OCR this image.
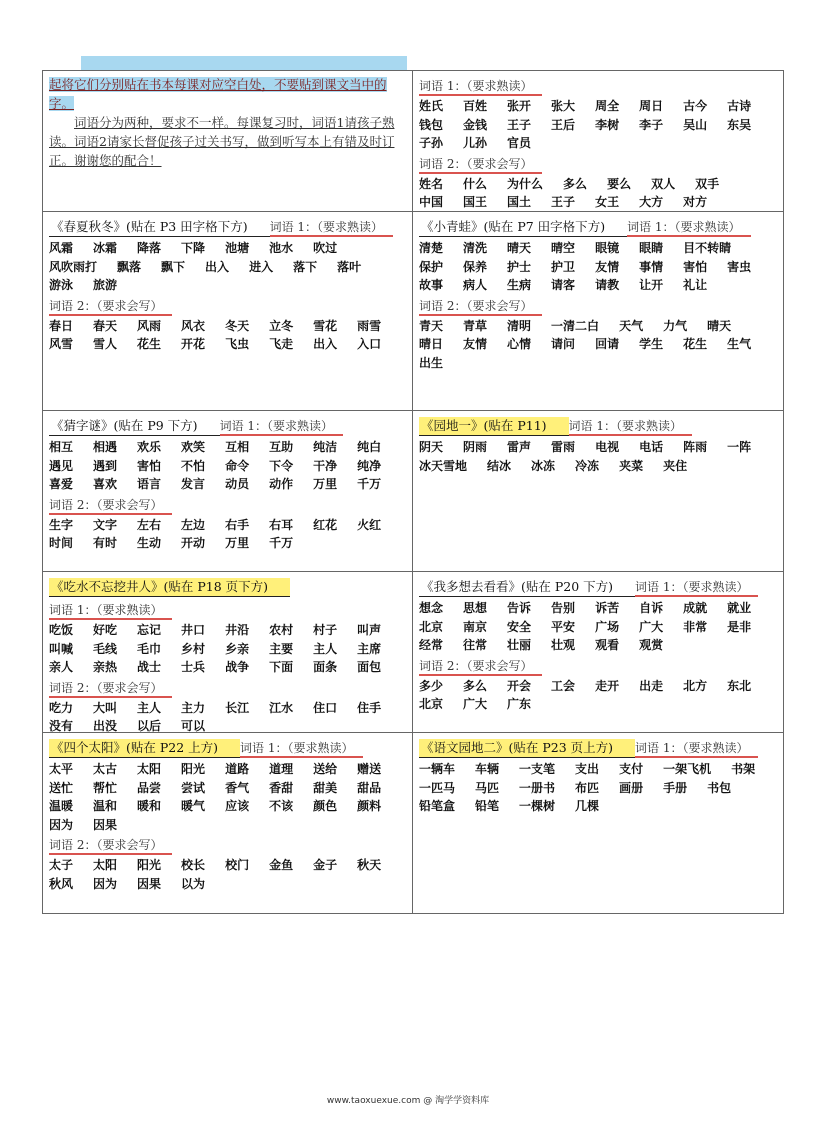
起将它们分别贴在书本每课对应空白处，不要贴到课文当中的字。

词语分为两种，要求不一样。每课复习时，词语1请孩子熟读。词语2请家长督促孩子过关书写，做到听写本上有错及时订正。谢谢您的配合！

词语 1：（要求熟读）
姓氏 百姓 张开 张大 周全 周日 古今 古诗
钱包 金钱 王子 王后 李树 李子 吴山 东吴
子孙 儿孙 官员
词语 2：（要求会写）
姓名 什么 为什么 多么 要么 双人 双手
中国 国王 国土 王子 女王 大方 对方
《春夏秋冬》(贴在 P3 田字格下方) 词语 1：（要求熟读）
风霜 冰霜 降落 下降 池塘 池水 吹过
风吹雨打 飘落 飘下 出入 进入 落下 落叶
游泳 旅游
词语 2：（要求会写）
春日 春天 风雨 风衣 冬天 立冬 雪花 雨雪
风雪 雪人 花生 开花 飞虫 飞走 出入 入口
《小青蛙》(贴在 P7 田字格下方) 词语 1：（要求熟读）
清楚 清洗 晴天 晴空 眼镜 眼睛 目不转睛
保护 保养 护士 护卫 友情 事情 害怕 害虫
故事 病人 生病 请客 请教 让开 礼让
词语 2：（要求会写）
青天 青草 清明 一清二白 天气 力气 晴天
晴日 友情 心情 请问 回请 学生 花生 生气
出生
《猜字谜》(贴在 P9 下方) 词语 1：（要求熟读）
相互 相遇 欢乐 欢笑 互相 互助 纯洁 纯白
遇见 遇到 害怕 不怕 命令 下令 干净 纯净
喜爱 喜欢 语言 发言 动员 动作 万里 千万
词语 2：（要求会写）
生字 文字 左右 左边 右手 右耳 红花 火红
时间 有时 生动 开动 万里 千万
《园地一》(贴在 P11) 词语 1：（要求熟读）
阴天 阴雨 雷声 雷雨 电视 电话 阵雨 一阵
冰天雪地 结冰 冰冻 冷冻 夹菜 夹住
《吃水不忘挖井人》(贴在 P18 页下方)词语 1：（要求熟读）
吃饭 好吃 忘记 井口 井沿 农村 村子 叫声
叫喊 毛线 毛巾 乡村 乡亲 主要 主人 主席
亲人 亲热 战士 士兵 战争 下面 面条 面包
词语 2：（要求会写）
吃力 大叫 主人 主力 长江 江水 住口 住手
没有 出没 以后 可以
《我多想去看看》(贴在 P20 下方) 词语 1：（要求熟读）
想念 思想 告诉 告别 诉苦 自诉 成就 就业
北京 南京 安全 平安 广场 广大 非常 是非
经常 往常 壮丽 壮观 观看 观赏
词语 2：（要求会写）
多少 多么 开会 工会 走开 出走 北方 东北
北京 广大 广东
《四个太阳》(贴在 P22 上方) 词语 1：（要求熟读）
太平 太古 太阳 阳光 道路 道理 送给 赠送
送忙 帮忙 品尝 尝试 香气 香甜 甜美 甜品
温暖 温和 暖和 暖气 应该 不该 颜色 颜料
因为 因果
词语 2：（要求会写）
太子 太阳 阳光 校长 校门 金鱼 金子 秋天
秋风 因为 因果 以为
《语文园地二》(贴在 P23 页上方) 词语 1：（要求熟读）
一辆车 车辆 一支笔 支出 支付 一架飞机 书架
一匹马 马匹 一册书 布匹 画册 手册 书包
铅笔盒 铅笔 一棵树 几棵
www.taoxuexue.com @ 淘学学资料库
